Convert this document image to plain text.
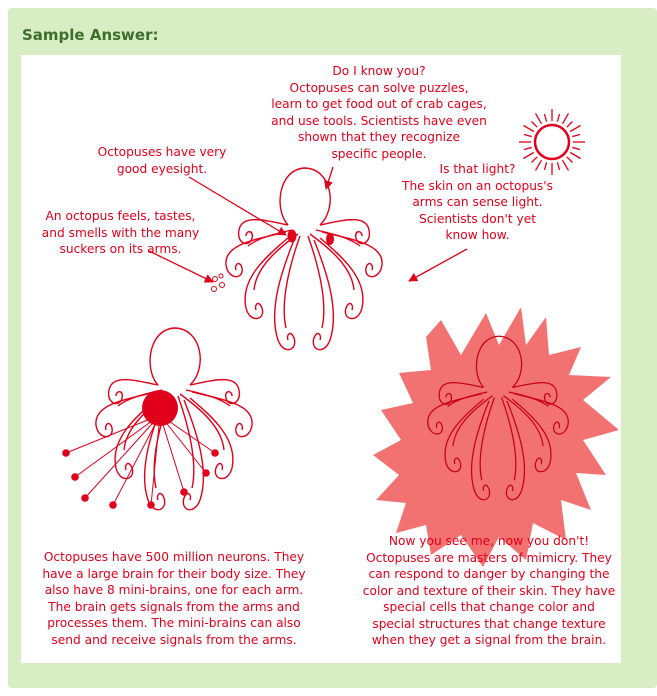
Sample Answer:
Do I know you?
Octopuses can solve puzzles,
learn to get food out of crab cages,
and use tools. Scientists have even
shown that they recognize
specific people.
Octopuses have very
good eyesight.
An octopus feels, tastes,
and smells with the many
suckers on its arms.
Is that light?
The skin on an octopus's
arms can sense light.
Scientists don't yet
know how.
Octopuses have 500 million neurons. They
have a large brain for their body size. They
also have 8 mini-brains, one for each arm.
The brain gets signals from the arms and
processes them. The mini-brains can also
send and receive signals from the arms.
Now you see me, now you don't!
Octopuses are masters of mimicry. They
can respond to danger by changing the
color and texture of their skin. They have
special cells that change color and
special structures that change texture
when they get a signal from the brain.
